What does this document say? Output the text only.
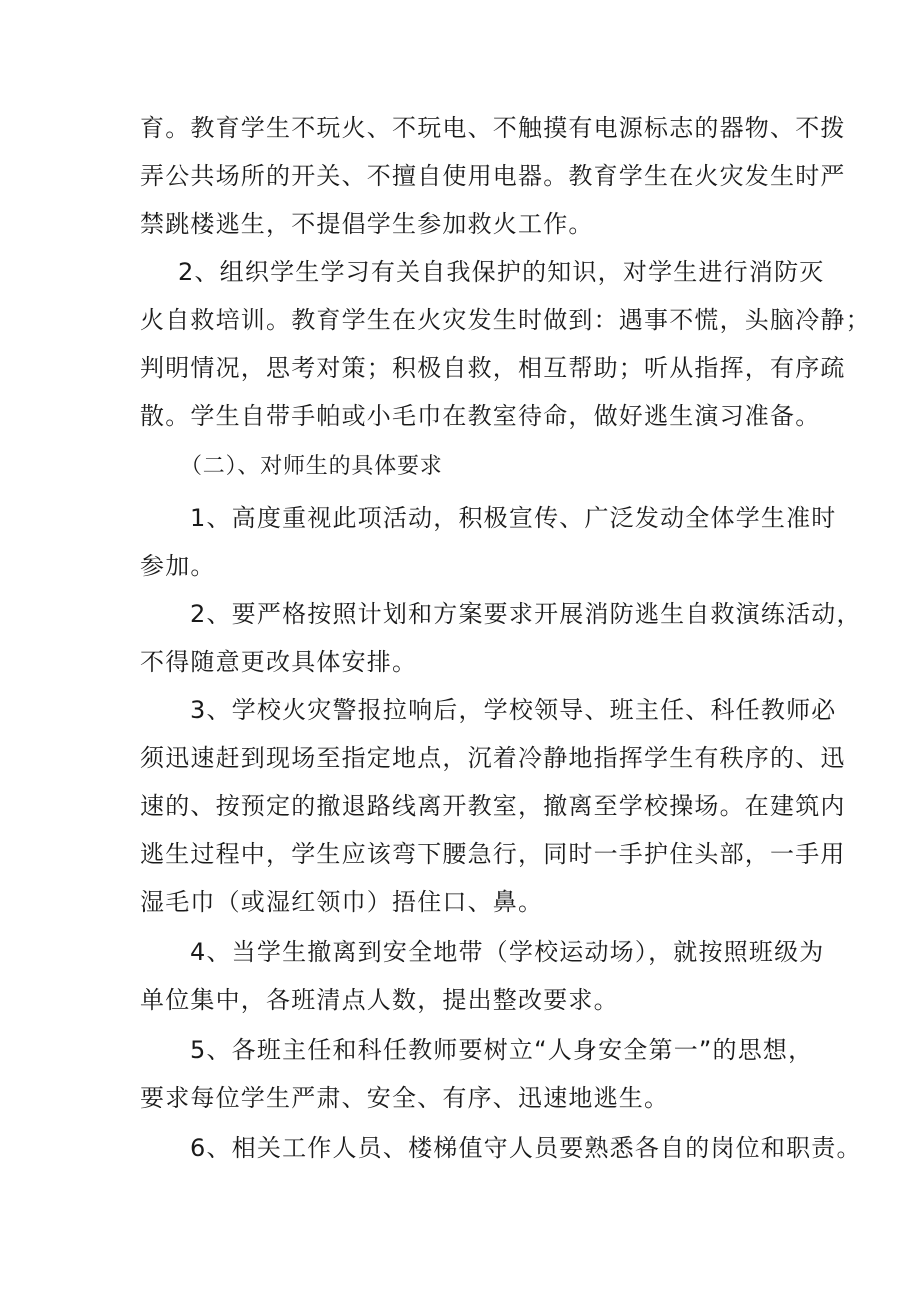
育。教育学生不玩火、不玩电、不触摸有电源标志的器物、不拨
弄公共场所的开关、不擅自使用电器。教育学生在火灾发生时严
禁跳楼逃生，不提倡学生参加救火工作。
2、组织学生学习有关自我保护的知识，对学生进行消防灭
火自救培训。教育学生在火灾发生时做到：遇事不慌，头脑冷静；
判明情况，思考对策；积极自救，相互帮助；听从指挥，有序疏
散。学生自带手帕或小毛巾在教室待命，做好逃生演习准备。
（二）、对师生的具体要求
1、高度重视此项活动，积极宣传、广泛发动全体学生准时
参加。
2、要严格按照计划和方案要求开展消防逃生自救演练活动，
不得随意更改具体安排。
3、学校火灾警报拉响后，学校领导、班主任、科任教师必
须迅速赶到现场至指定地点，沉着冷静地指挥学生有秩序的、迅
速的、按预定的撤退路线离开教室，撤离至学校操场。在建筑内
逃生过程中，学生应该弯下腰急行，同时一手护住头部，一手用
湿毛巾（或湿红领巾）捂住口、鼻。
4、当学生撤离到安全地带（学校运动场），就按照班级为
单位集中，各班清点人数，提出整改要求。
5、各班主任和科任教师要树立“人身安全第一”的思想，
要求每位学生严肃、安全、有序、迅速地逃生。
6、相关工作人员、楼梯值守人员要熟悉各自的岗位和职责。
